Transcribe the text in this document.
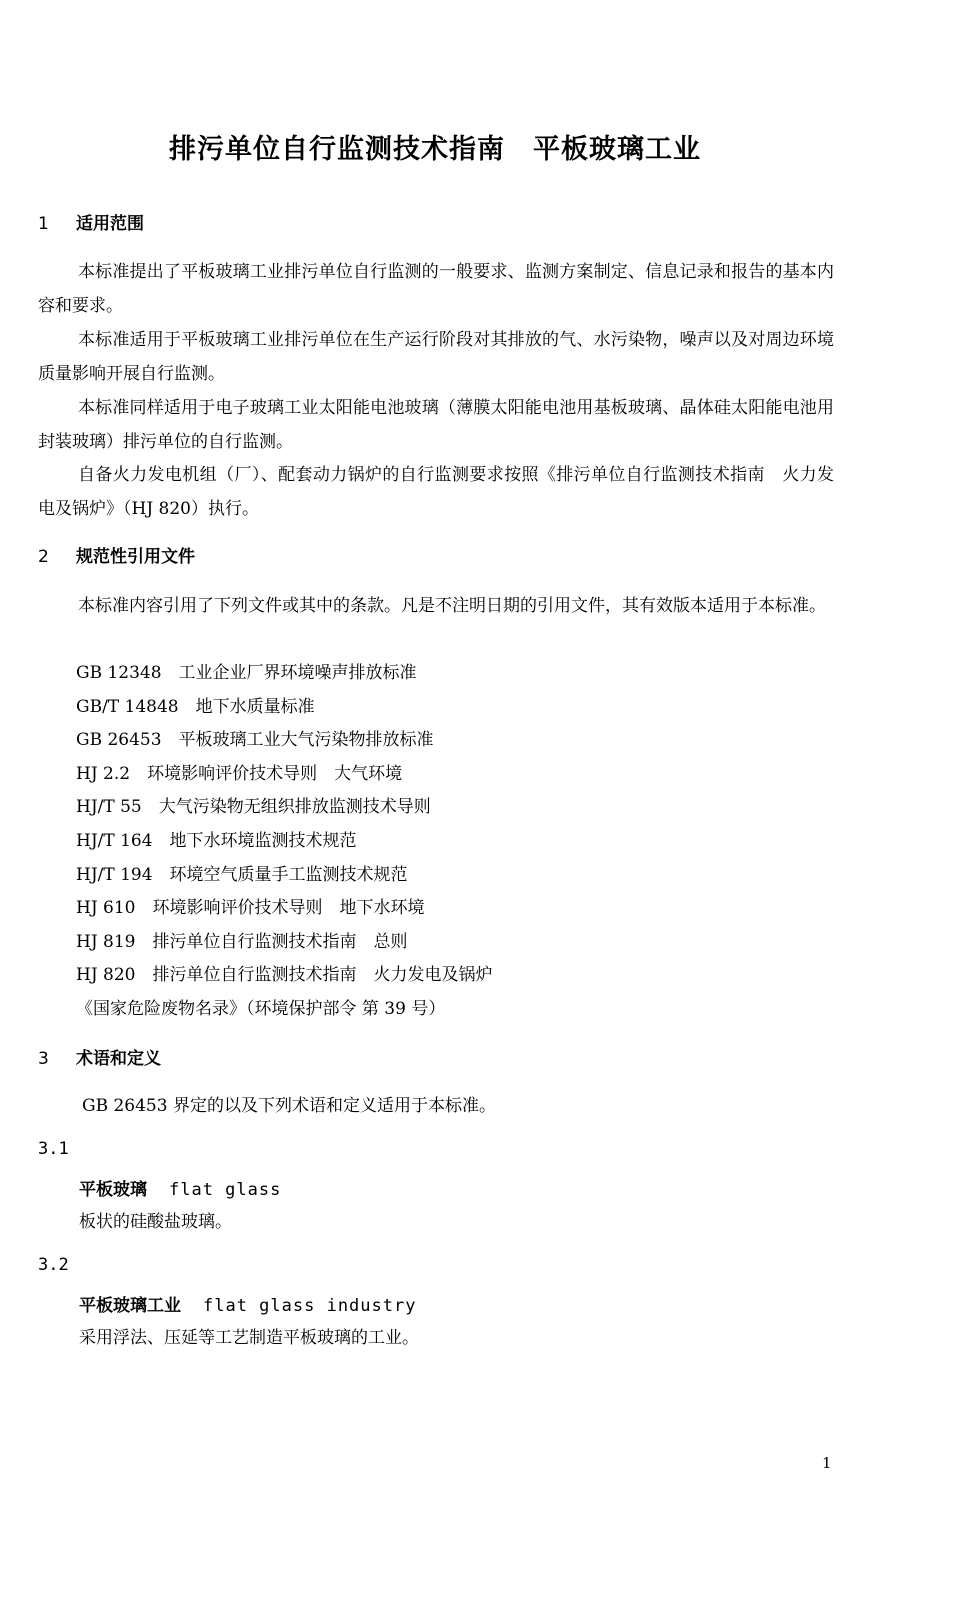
排污单位自行监测技术指南　平板玻璃工业
1 适用范围
本标准提出了平板玻璃工业排污单位自行监测的一般要求、监测方案制定、信息记录和报告的基本内容和要求。
本标准适用于平板玻璃工业排污单位在生产运行阶段对其排放的气、水污染物，噪声以及对周边环境质量影响开展自行监测。
本标准同样适用于电子玻璃工业太阳能电池玻璃（薄膜太阳能电池用基板玻璃、晶体硅太阳能电池用封装玻璃）排污单位的自行监测。
自备火力发电机组（厂）、配套动力锅炉的自行监测要求按照《排污单位自行监测技术指南　火力发电及锅炉》（HJ 820）执行。
2 规范性引用文件
本标准内容引用了下列文件或其中的条款。凡是不注明日期的引用文件，其有效版本适用于本标准。
GB 12348　工业企业厂界环境噪声排放标准
GB/T 14848　地下水质量标准
GB 26453　平板玻璃工业大气污染物排放标准
HJ 2.2　环境影响评价技术导则　大气环境
HJ/T 55　大气污染物无组织排放监测技术导则
HJ/T 164　地下水环境监测技术规范
HJ/T 194　环境空气质量手工监测技术规范
HJ 610　环境影响评价技术导则　地下水环境
HJ 819　排污单位自行监测技术指南　总则
HJ 820　排污单位自行监测技术指南　火力发电及锅炉
《国家危险废物名录》（环境保护部令 第 39 号）
3 术语和定义
GB 26453 界定的以及下列术语和定义适用于本标准。
3.1
平板玻璃 flat glass
板状的硅酸盐玻璃。
3.2
平板玻璃工业 flat glass industry
采用浮法、压延等工艺制造平板玻璃的工业。
1
